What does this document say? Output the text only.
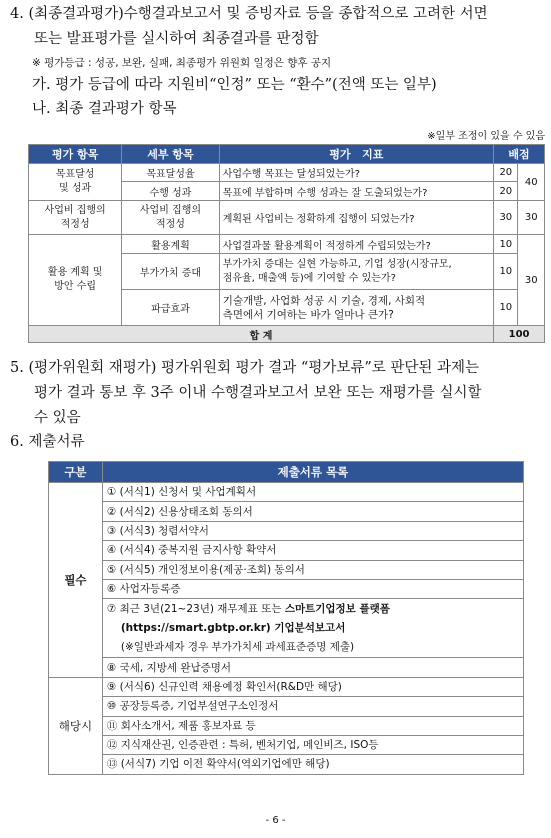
4. (최종결과평가)수행결과보고서 및 증빙자료 등을 종합적으로 고려한 서면
또는 발표평가를 실시하여 최종결과를 판정함
※ 평가등급 : 성공, 보완, 실패, 최종평가 위원회 일정은 향후 공지
가. 평가 등급에 따라 지원비“인정” 또는 “환수”(전액 또는 일부)
나. 최종 결과평가 항목
※일부 조정이 있을 수 있음
평가 항목	세부 항목	평가   지표	배점	
목표달성
및 성과	목표달성율	사업수행 목표는 달성되었는가?	20	40
	수행 성과	목표에 부합하며 수행 성과는 잘 도출되었는가?	20	
사업비 집행의
적정성	사업비 집행의
적정성	계획된 사업비는 정확하게 집행이 되었는가?	30	30
활용 계획 및
방안 수립	활용계획	사업결과물 활용계획이 적정하게 수립되었는가?	10	30
	부가가치 증대	부가가치 증대는 실현 가능하고, 기업 성장(시장규모,
점유율, 매출액 등)에 기여할 수 있는가?	10	
	파급효과	기술개발, 사업화 성공 시 기술, 경제, 사회적
측면에서 기여하는 바가 얼마나 큰가?	10	
합 계			100	
5. (평가위원회 재평가) 평가위원회 평가 결과 “평가보류”로 판단된 과제는
평가 결과 통보 후 3주 이내 수행결과보고서 보완 또는 재평가를 실시할
수 있음
6. 제출서류
구분	제출서류 목록
필수	① (서식1) 신청서 및 사업계획서
	② (서식2) 신용상태조회 동의서
	③ (서식3) 청렴서약서
	④ (서식4) 중복지원 금지사항 확약서
	⑤ (서식5) 개인정보이용(제공·조회) 동의서
	⑥ 사업자등록증
	⑦ 최근 3년(21~23년) 재무제표 또는 스마트기업정보 플랫폼
(https://smart.gbtp.or.kr) 기업분석보고서
(※일반과세자 경우 부가가치세 과세표준증명 제출)
	⑧ 국세, 지방세 완납증명서
해당시	⑨ (서식6) 신규인력 채용예정 확인서(R&D만 해당)
	⑩ 공장등록증, 기업부설연구소인정서
	⑪ 회사소개서, 제품 홍보자료 등
	⑫ 지식재산권, 인증관련 : 특허, 벤처기업, 메인비즈, ISO등
	⑬ (서식7) 기업 이전 확약서(역외기업에만 해당)
- 6 -
